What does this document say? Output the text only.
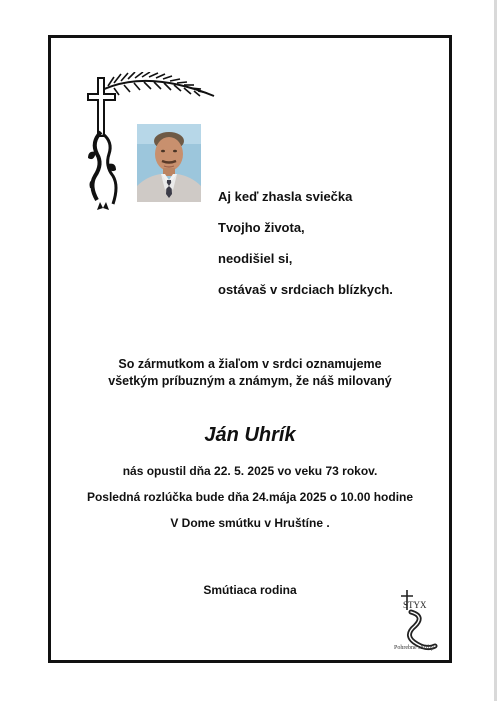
Aj keď zhasla sviečka
Tvojho života,
neodišiel si,
ostávaš v srdciach blízkych.
So zármutkom a žiaľom v srdci oznamujeme
všetkým príbuzným a známym, že náš milovaný
Ján Uhrík
nás opustil dňa 22. 5. 2025 vo veku 73 rokov.
Posledná rozlúčka bude dňa 24.mája 2025 o 10.00 hodine
V Dome smútku v Hruštíne .
Smútiaca rodina
STYX
Pohrebné služby
